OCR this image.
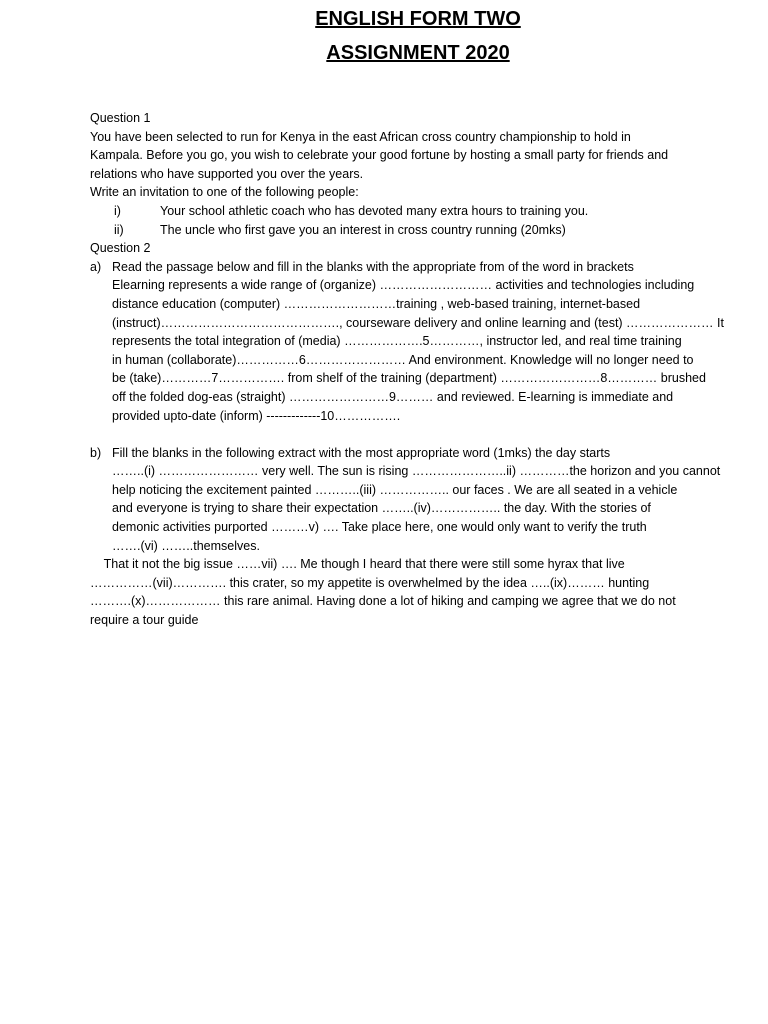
ENGLISH FORM TWO
ASSIGNMENT 2020
Question 1
You have been selected to run for Kenya in the east African cross country championship to hold in
Kampala. Before you go, you wish to celebrate your good fortune by hosting a small party for friends and
relations who have supported you over the years.
Write an invitation to one of the following people:
i)	Your school athletic coach who has devoted many extra hours to training you.
ii)	The uncle who first gave you an interest in cross country running (20mks)
Question 2
a) Read the passage below and fill in the blanks with the appropriate from of the word in brackets
Elearning represents a wide range of (organize) ……………………… activities and technologies including
distance education (computer) ………………………training , web-based training, internet-based
(instruct)……………………………………., courseware delivery and online learning and (test) ………………… It
represents the total integration of (media) ……………….5…………, instructor led, and real time training
in human (collaborate)……………6…………………… And environment. Knowledge will no longer need to
be (take)…………7……………. from shelf of the training (department) ……………………8………… brushed
off the folded dog-eas (straight) ……………………9……… and reviewed. E-learning is immediate and
provided upto-date (inform) -------------10…………….
b) Fill the blanks in the following extract with the most appropriate word (1mks) the day starts
……..(i) …………………… very well. The sun is rising …………………..ii) …………the horizon and you cannot
help noticing the excitement painted ………..(iii) …………….. our faces . We are all seated in a vehicle
and everyone is trying to share their expectation ……..(iv)…………….. the day. With the stories of
demonic activities purported ………v) …. Take place here, one would only want to verify the truth
…….(vi) ……..themselves.
That it not the big issue ……vii) …. Me though I heard that there were still some hyrax that live
……………(vii)…………. this crater, so my appetite is overwhelmed by the idea …..(ix)……… hunting
……….(x)……………… this rare animal. Having done a lot of hiking and camping we agree that we do not
require a tour guide
